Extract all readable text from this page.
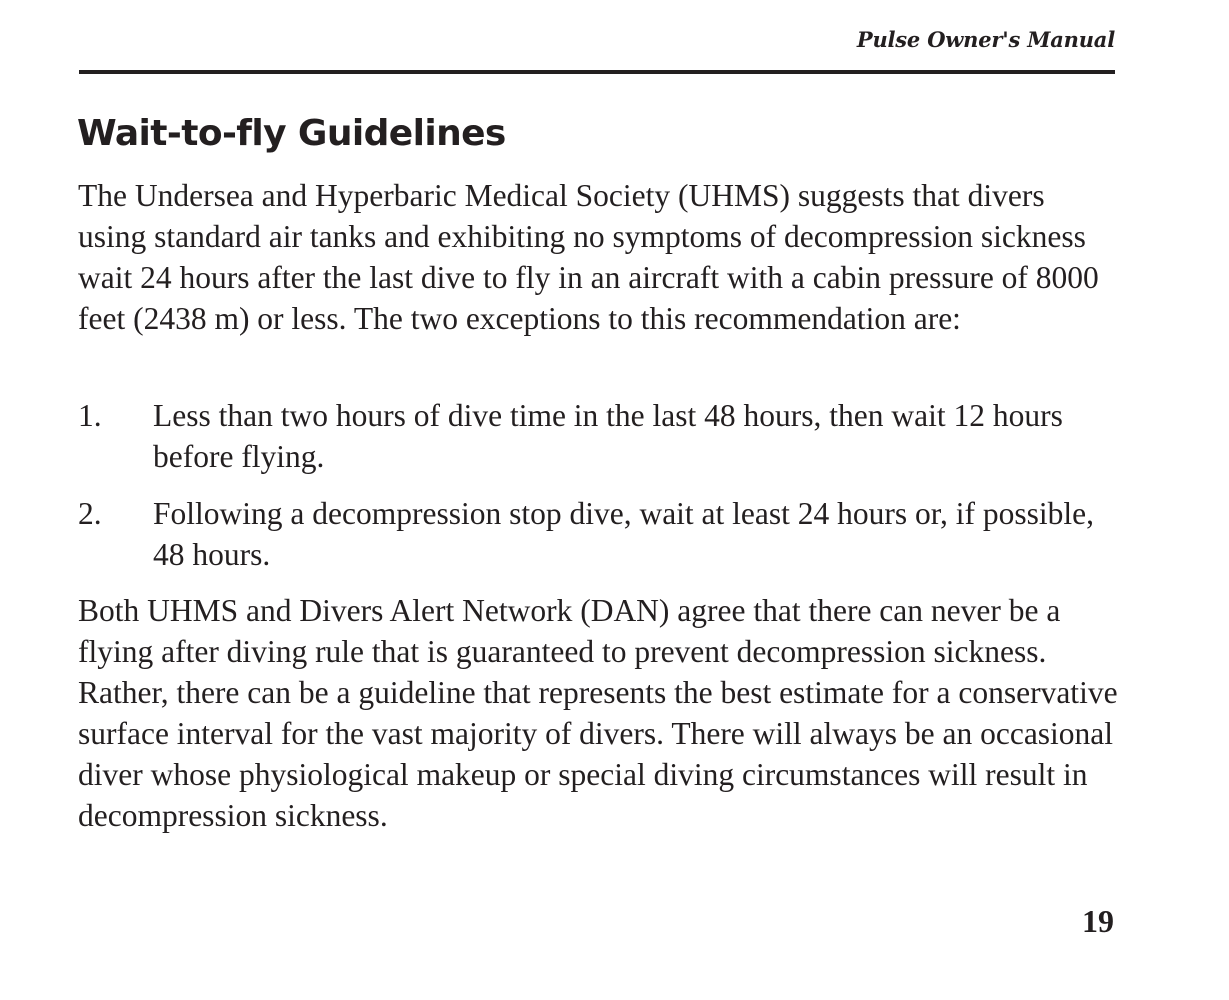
Pulse Owner's Manual
Wait-to-fly Guidelines

The Undersea and Hyperbaric Medical Society (UHMS) suggests that divers using standard air tanks and exhibiting no symptoms of decompression sickness wait 24 hours after the last dive to fly in an aircraft with a cabin pressure of 8000 feet (2438 m) or less. The two exceptions to this recommendation are:

1.	Less than two hours of dive time in the last 48 hours, then wait 12 hours before flying.
2.	Following a decompression stop dive, wait at least 24 hours or, if possible, 48 hours.

Both UHMS and Divers Alert Network (DAN) agree that there can never be a flying after diving rule that is guaranteed to prevent decompression sickness. Rather, there can be a guideline that represents the best estimate for a conservative surface interval for the vast majority of divers. There will always be an occasional diver whose physiological makeup or special diving circumstances will result in decompression sickness.

19
